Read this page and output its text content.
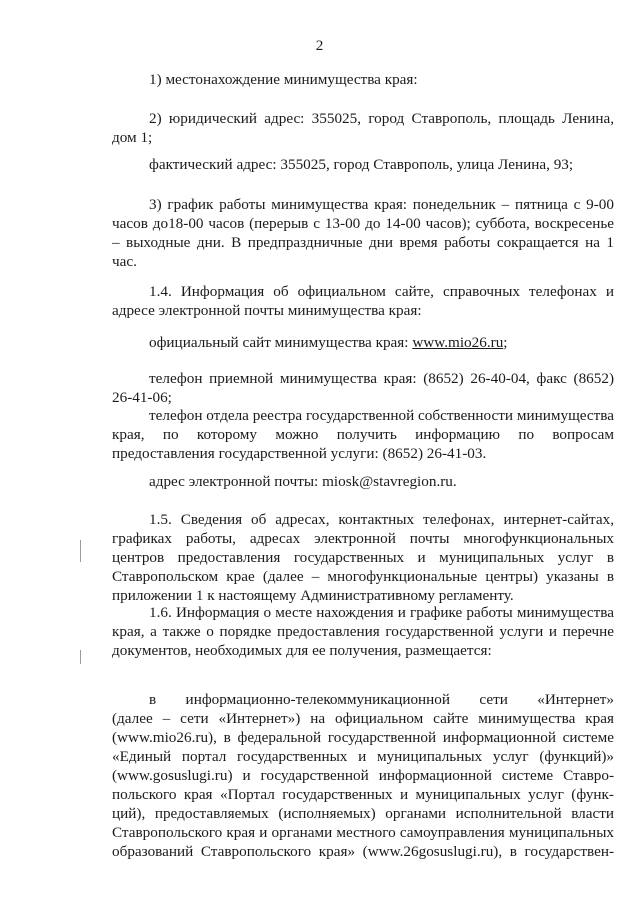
2

1) местонахождение минимущества края:

2) юридический адрес: 355025, город Ставрополь, площадь Ленина, дом 1;

фактический адрес: 355025, город Ставрополь, улица Ленина, 93;

3) график работы минимущества края: понедельник – пятница с 9-00 часов до18-00 часов (перерыв с 13-00 до 14-00 часов); суббота, воскресенье – выходные дни. В предпраздничные дни время работы сокращается на 1 час.

1.4. Информация об официальном сайте, справочных телефонах и адресе электронной почты минимущества края:

официальный сайт минимущества края: www.mio26.ru;

телефон приемной минимущества края: (8652) 26-40-04, факс (8652) 26-41-06;

телефон отдела реестра государственной собственности минимущества края, по которому можно получить информацию по вопросам предоставления государственной услуги: (8652) 26-41-03.

адрес электронной почты: miosk@stavregion.ru.

1.5. Сведения об адресах, контактных телефонах, интернет-сайтах, графиках работы, адресах электронной почты многофункциональных центров предоставления государственных и муниципальных услуг в Ставропольском крае (далее – многофункциональные центры) указаны в приложении 1 к настоящему Административному регламенту.

1.6. Информация о месте нахождения и графике работы минимущества края, а также о порядке предоставления государственной услуги и перечне документов, необходимых для ее получения, размещается:

в информационно-телекоммуникационной сети «Интернет»
(далее – сети «Интернет») на официальном сайте минимущества края
(www.mio26.ru), в федеральной государственной информационной системе
«Единый портал государственных и муниципальных услуг (функций)»
(www.gosuslugi.ru) и государственной информационной системе Ставро-
польского края «Портал государственных и муниципальных услуг (функ-
ций), предоставляемых (исполняемых) органами исполнительной власти
Ставропольского края и органами местного самоуправления муниципальных
образований Ставропольского края» (www.26gosuslugi.ru), в государствен-
